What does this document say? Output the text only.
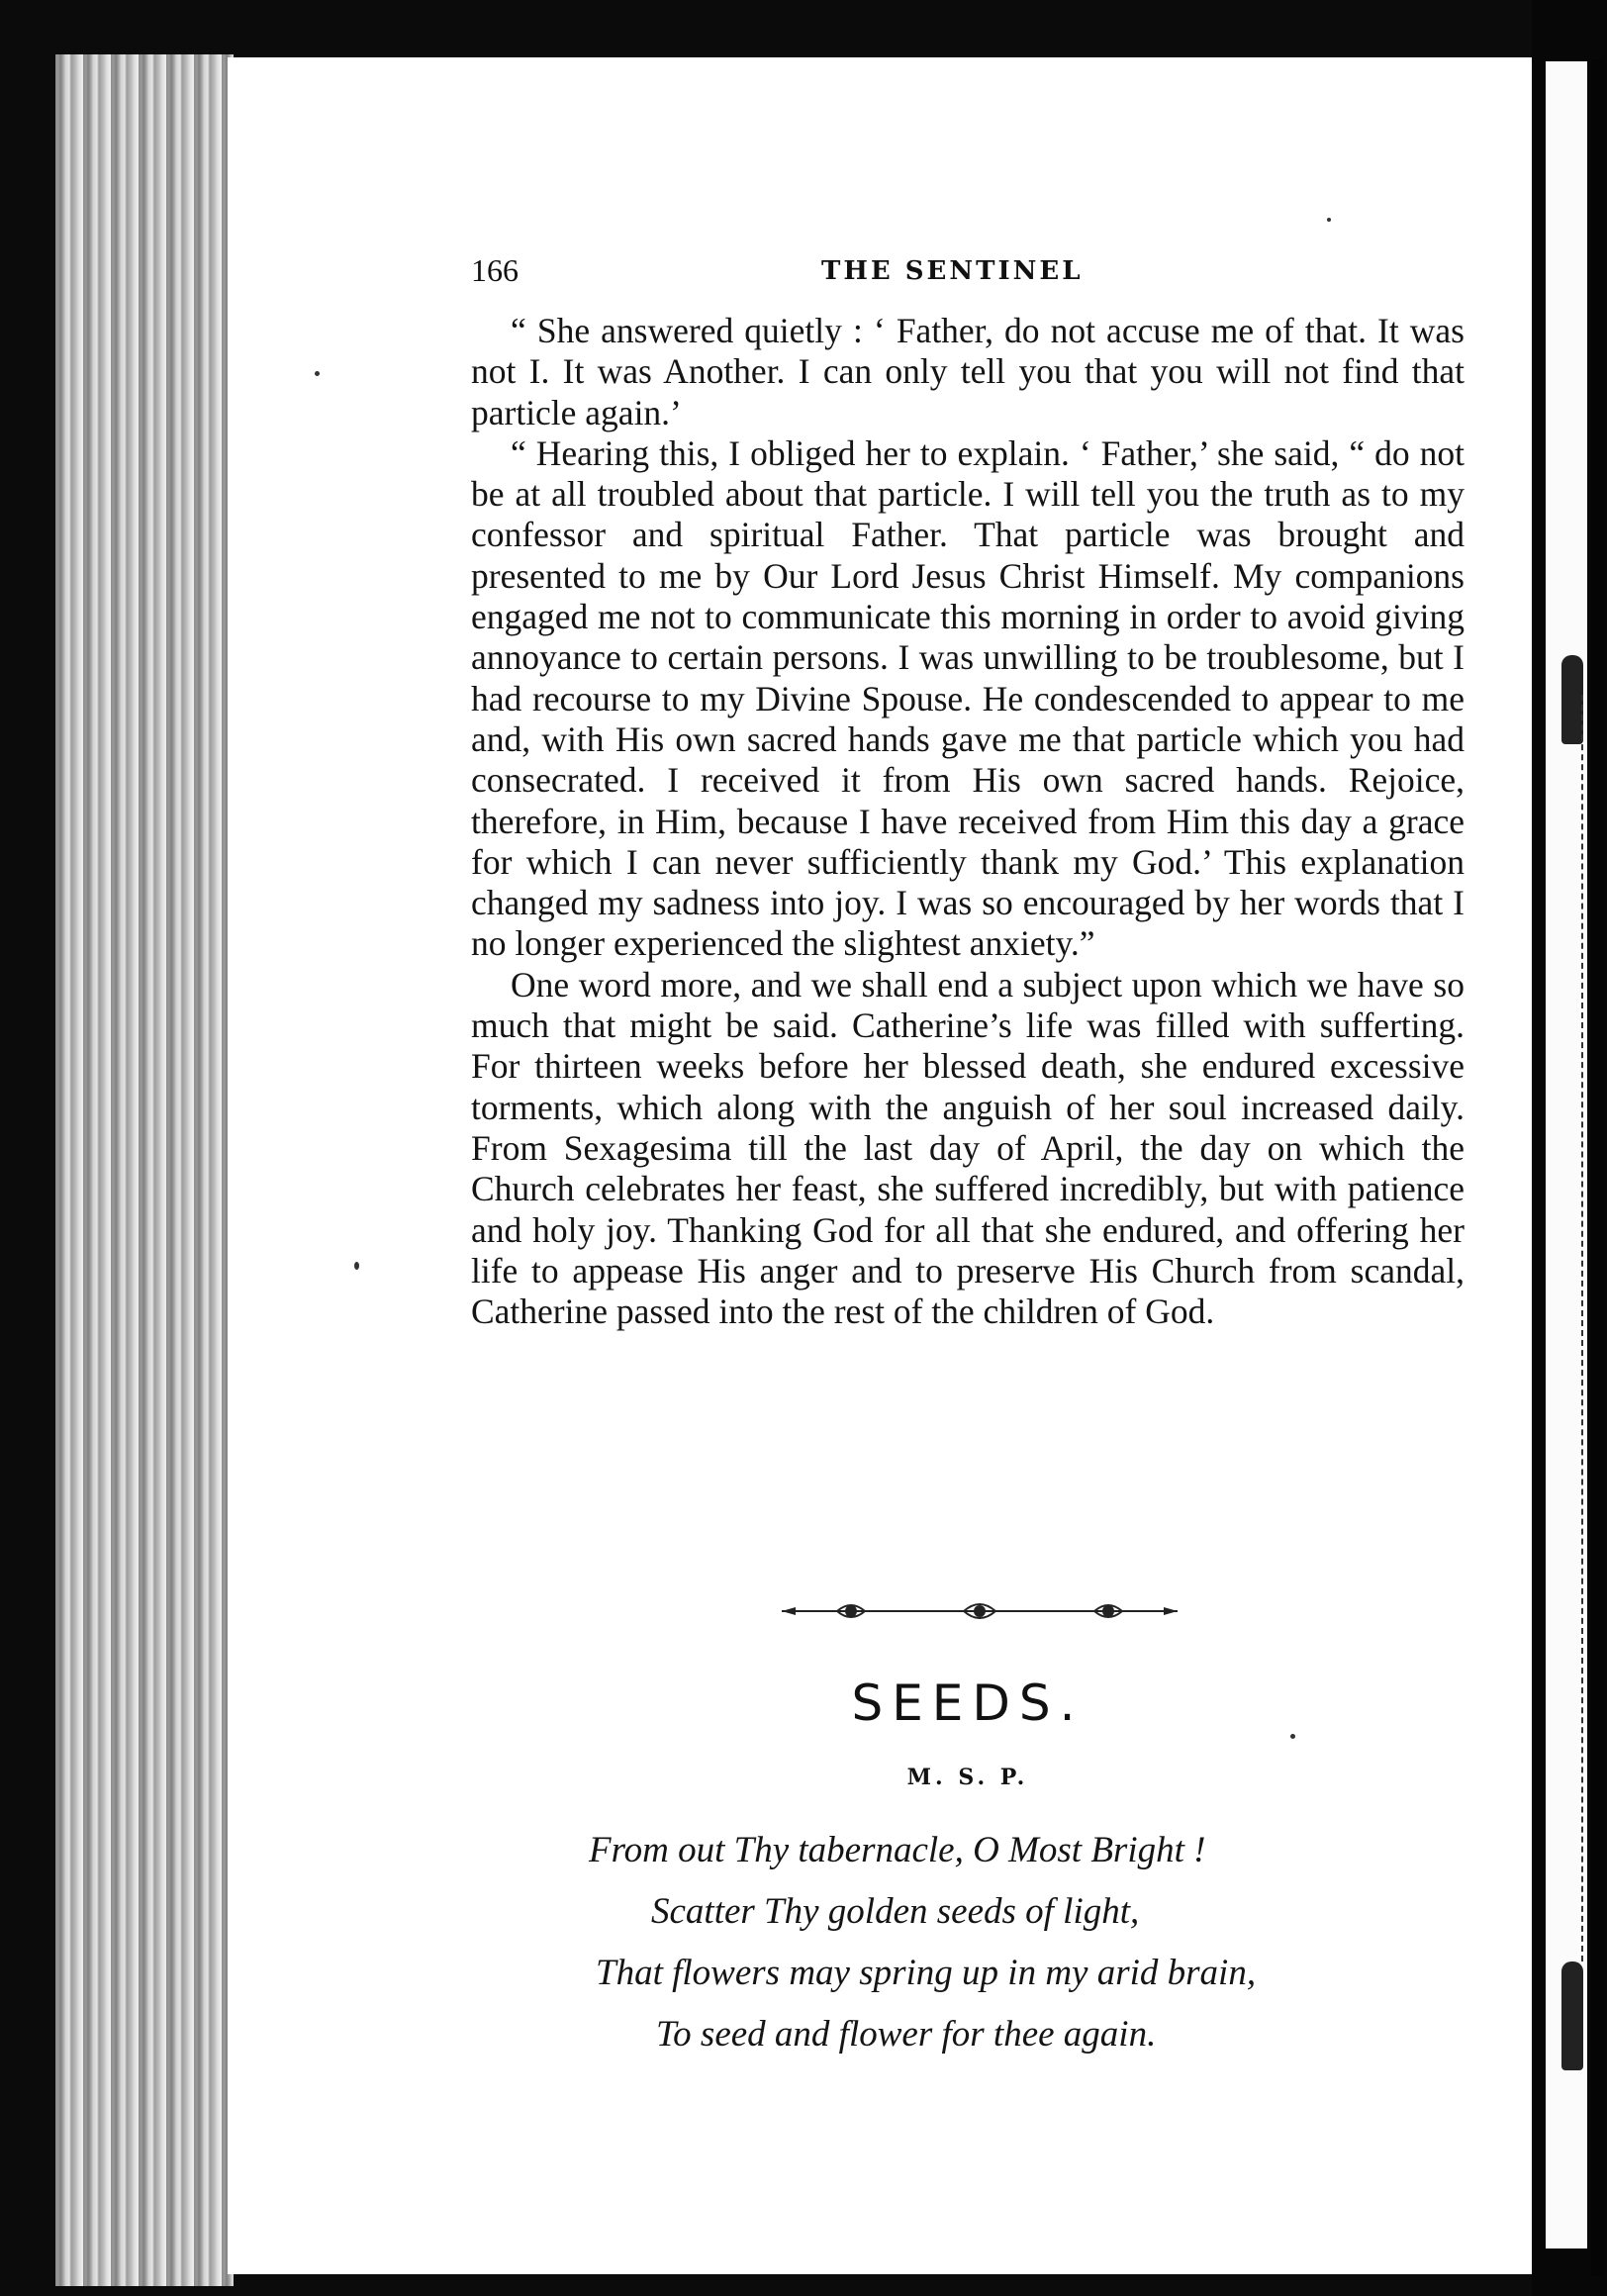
166	THE SENTINEL

“ She answered quietly : ‘ Father, do not accuse me of that. It was not I. It was Another. I can only tell you that you will not find that particle again.’

“ Hearing this, I obliged her to explain. ‘ Father,’ she said, “ do not be at all troubled about that particle. I will tell you the truth as to my confessor and spiritual Father. That particle was brought and presented to me by Our Lord Jesus Christ Himself. My companions engaged me not to communicate this morning in order to avoid giving annoyance to certain persons. I was unwilling to be troublesome, but I had recourse to my Divine Spouse. He condescended to appear to me and, with His own sacred hands gave me that particle which you had consecrated. I received it from His own sacred hands. Rejoice, therefore, in Him, because I have received from Him this day a grace for which I can never sufficiently thank my God.’ This explanation changed my sadness into joy. I was so encouraged by her words that I no longer experienced the slightest anxiety.”

One word more, and we shall end a subject upon which we have so much that might be said. Catherine’s life was filled with sufferting. For thirteen weeks before her blessed death, she endured excessive torments, which along with the anguish of her soul increased daily. From Sexagesima till the last day of April, the day on which the Church celebrates her feast, she suffered incredibly, but with patience and holy joy. Thanking God for all that she endured, and offering her life to appease His anger and to preserve His Church from scandal, Catherine passed into the rest of the children of God.

SEEDS.
M. S. P.
From out Thy tabernacle, O Most Bright !
Scatter Thy golden seeds of light,
That flowers may spring up in my arid brain,
To seed and flower for thee again.
